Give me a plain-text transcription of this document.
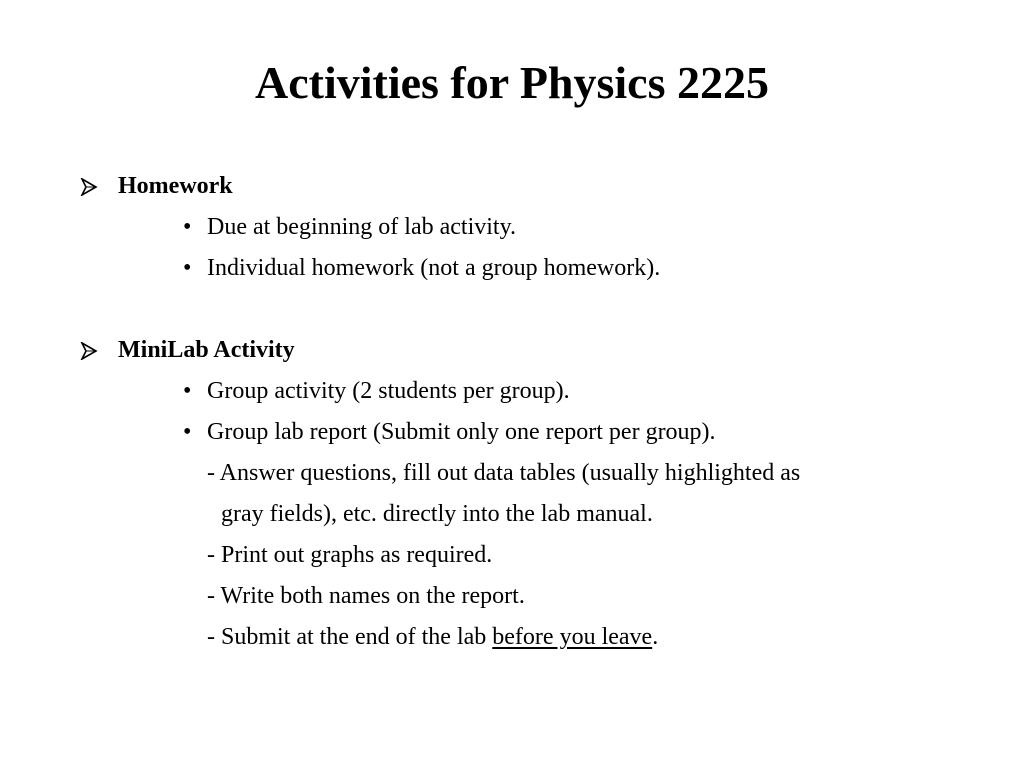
Activities for Physics 2225
Homework
• Due at beginning of lab activity.
• Individual homework (not a group homework).
MiniLab Activity
• Group activity (2 students per group).
• Group lab report (Submit only one report per group).
- Answer questions, fill out data tables (usually highlighted as
gray fields), etc. directly into the lab manual.
- Print out graphs as required.
- Write both names on the report.
- Submit at the end of the lab before you leave.
